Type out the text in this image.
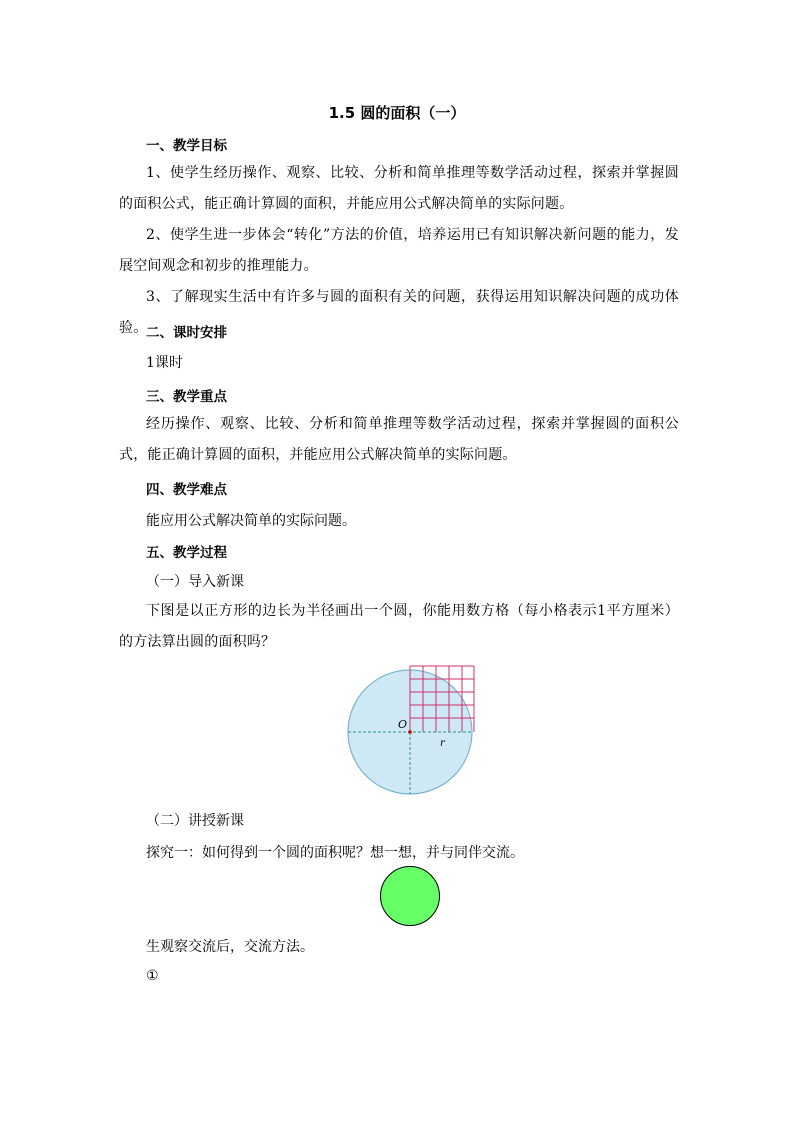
1.5 圆的面积（一）
一、教学目标
1、使学生经历操作、观察、比较、分析和简单推理等数学活动过程，探索并掌握圆的面积公式，能正确计算圆的面积，并能应用公式解决简单的实际问题。
2、使学生进一步体会“转化”方法的价值，培养运用已有知识解决新问题的能力，发展空间观念和初步的推理能力。
3、了解现实生活中有许多与圆的面积有关的问题，获得运用知识解决问题的成功体验。
二、课时安排
1课时
三、教学重点
经历操作、观察、比较、分析和简单推理等数学活动过程，探索并掌握圆的面积公式，能正确计算圆的面积，并能应用公式解决简单的实际问题。
四、教学难点
能应用公式解决简单的实际问题。
五、教学过程
（一）导入新课
下图是以正方形的边长为半径画出一个圆，你能用数方格（每小格表示1平方厘米）的方法算出圆的面积吗？
O
r
（二）讲授新课
探究一：如何得到一个圆的面积呢？想一想，并与同伴交流。
生观察交流后，交流方法。
①
